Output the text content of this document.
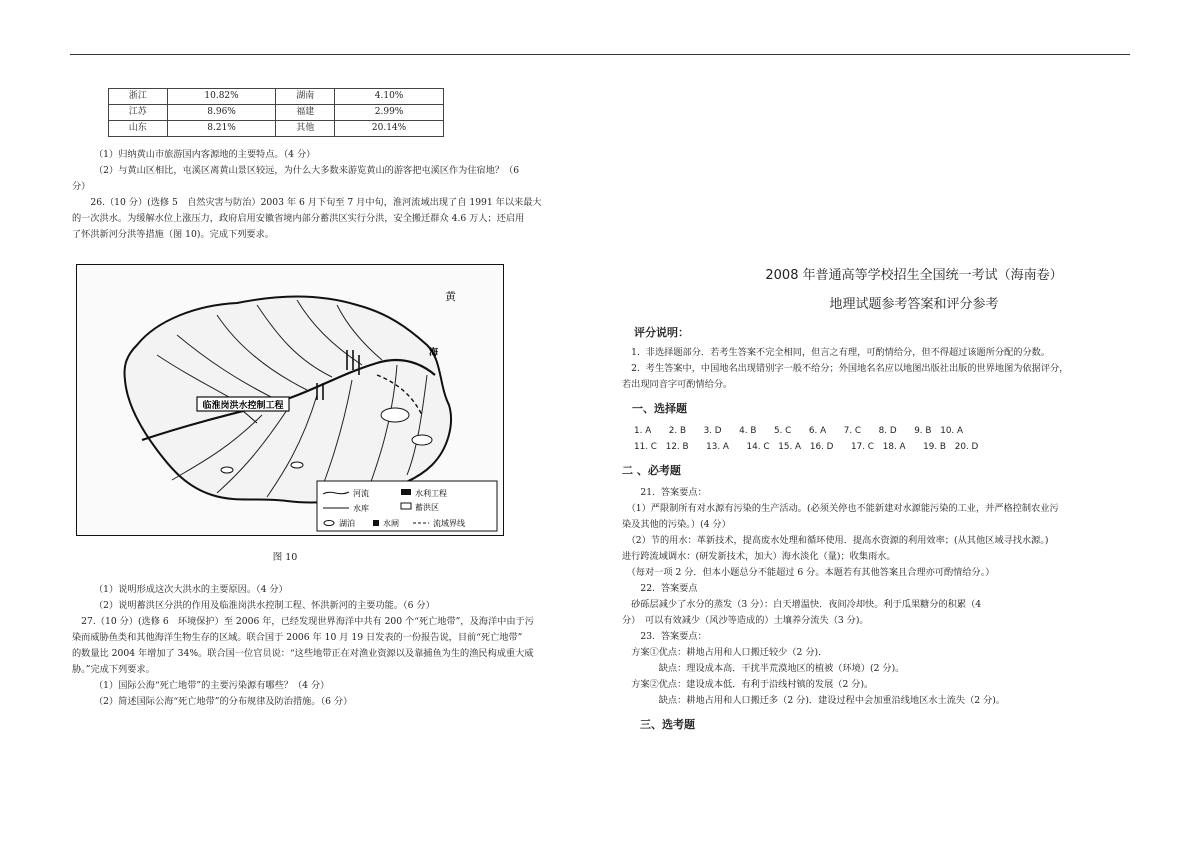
浙江	10.82%	湖南	4.10%
江苏	8.96%	福建	2.99%
山东	8.21%	其他	20.14%

（1）归纳黄山市旅游国内客源地的主要特点。（4 分）

（2）与黄山区相比，屯溪区离黄山景区较远，为什么大多数来游览黄山的游客把屯溪区作为住宿地？（6

分）

　　26.（10 分）(选修 5　自然灾害与防治）2003 年 6 月下旬至 7 月中旬，淮河流域出现了自 1991 年以来最大

的一次洪水。为缓解水位上涨压力，政府启用安徽省境内部分蓄洪区实行分洪，安全搬迁群众 4.6 万人；还启用

了怀洪新河分洪等措施（图 10)。完成下列要求。

临淮岗洪水控制工程
黄
海
河流
水库
水利工程
蓄洪区
湖泊	水闸	流域界线
图 10

（1）说明形成这次大洪水的主要原因。（4 分）

（2）说明蓄洪区分洪的作用及临淮岗洪水控制工程、怀洪新河的主要功能。（6 分）

　27.（10 分）(选修 6　环境保护）至 2006 年，已经发现世界海洋中共有 200 个“死亡地带”，及海洋中由于污

染而威胁鱼类和其他海洋生物生存的区域。联合国于 2006 年 10 月 19 日发表的一份报告说，目前“死亡地带”

的数量比 2004 年增加了 34%。联合国一位官员说：“这些地带正在对渔业资源以及靠捕鱼为生的渔民构成重大威

胁。”完成下列要求。

（1）国际公海“死亡地带”的主要污染源有哪些？（4 分）

（2）简述国际公海“死亡地带”的分布规律及防治措施。（6 分）

2008 年普通高等学校招生全国统一考试（海南卷）
地理试题参考答案和评分参考
评分说明：

　1.  非选择题部分．若考生答案不完全相同，但言之有理，可酌情给分，但不得超过该题所分配的分数。

　2.  考生答案中，中国地名出现错别字一般不给分；外国地名名应以地图出版社出版的世界地图为依据评分，

若出现同音字可酌情给分。

一、选择题

1. A　　2. B　　3. D　　4. B　　5. C　　6. A　　7. C　　8. D　　9. B　10. A

11. C　12. B　　13. A　　14. C　15. A　16. D　　17. C　18. A　　19. B　20. D

二 、必考题

　　21.  答案要点：

　（1）严限制所有对水源有污染的生产活动。(必须关停也不能新建对水源能污染的工业，并严格控制农业污

染及其他的污染。）(4 分）

　（2）节的用水：革新技术，提高废水处理和循环使用．提高水资源的利用效率；(从其他区域寻找水源。)

进行跨流域调水：(研发新技术，加大）海水淡化（量)；收集雨水。

　（每对一项 2 分．但本小题总分不能超过 6 分。本题若有其他答案且合理亦可酌情给分。）

　　22.  答案要点

　砂砾层减少了水分的蒸发（3 分）：白天增温快．夜间冷却快。利于瓜果糖分的积累（4

分）　可以有效减少（风沙等造成的）土壤养分流失（3 分)。

　　23.  答案要点：

　方案①优点：耕地占用和人口搬迁较少（2 分)．

　　　　缺点：理设成本高．干扰半荒漠地区的植被（环境）(2 分)。

　方案②优点：建设成本低．有利于沿线村镇的发展（2 分)。

　　　　缺点：耕地占用和人口搬迁多（2 分)．建设过程中会加重沿线地区水土流失（2 分)。

三、选考题
